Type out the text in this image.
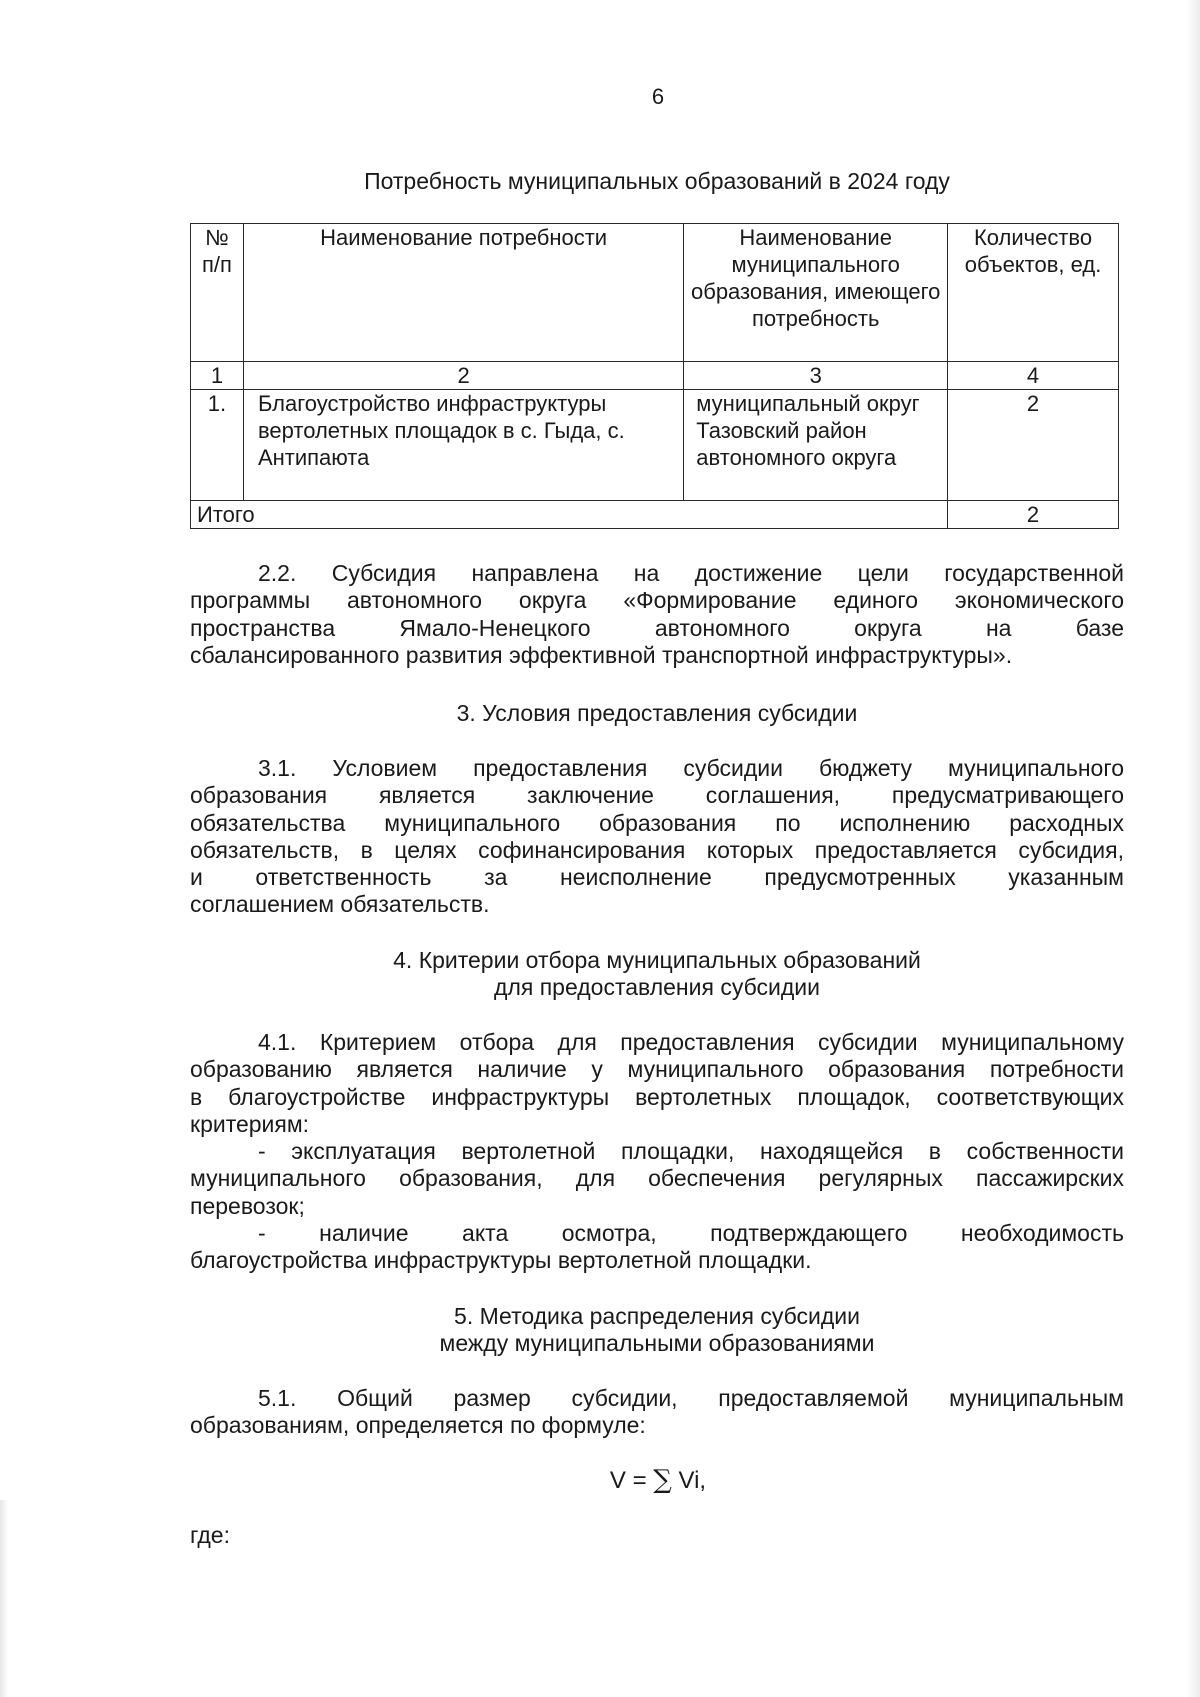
6
Потребность муниципальных образований в 2024 году
№ п/п	Наименование потребности	Наименование муниципального образования, имеющего потребность	Количество объектов, ед.
1	2	3	4
1.	Благоустройство инфраструктуры вертолетных площадок в с. Гыда, с. Антипаюта	муниципальный округ Тазовский район автономного округа	2
Итого			2
2.2. Субсидия направлена на достижение цели государственной
программы автономного округа «Формирование единого экономического
пространства Ямало-Ненецкого автономного округа на базе
сбалансированного развития эффективной транспортной инфраструктуры».
3. Условия предоставления субсидии
3.1. Условием предоставления субсидии бюджету муниципального
образования является заключение соглашения, предусматривающего
обязательства муниципального образования по исполнению расходных
обязательств, в целях софинансирования которых предоставляется субсидия,
и ответственность за неисполнение предусмотренных указанным
соглашением обязательств.
4. Критерии отбора муниципальных образований
для предоставления субсидии
4.1. Критерием отбора для предоставления субсидии муниципальному
образованию является наличие у муниципального образования потребности
в благоустройстве инфраструктуры вертолетных площадок, соответствующих
критериям:
- эксплуатация вертолетной площадки, находящейся в собственности
муниципального образования, для обеспечения регулярных пассажирских
перевозок;
- наличие акта осмотра, подтверждающего необходимость
благоустройства инфраструктуры вертолетной площадки.
5. Методика распределения субсидии
между муниципальными образованиями
5.1. Общий размер субсидии, предоставляемой муниципальным
образованиям, определяется по формуле:
V = ∑ Vi,
где:
